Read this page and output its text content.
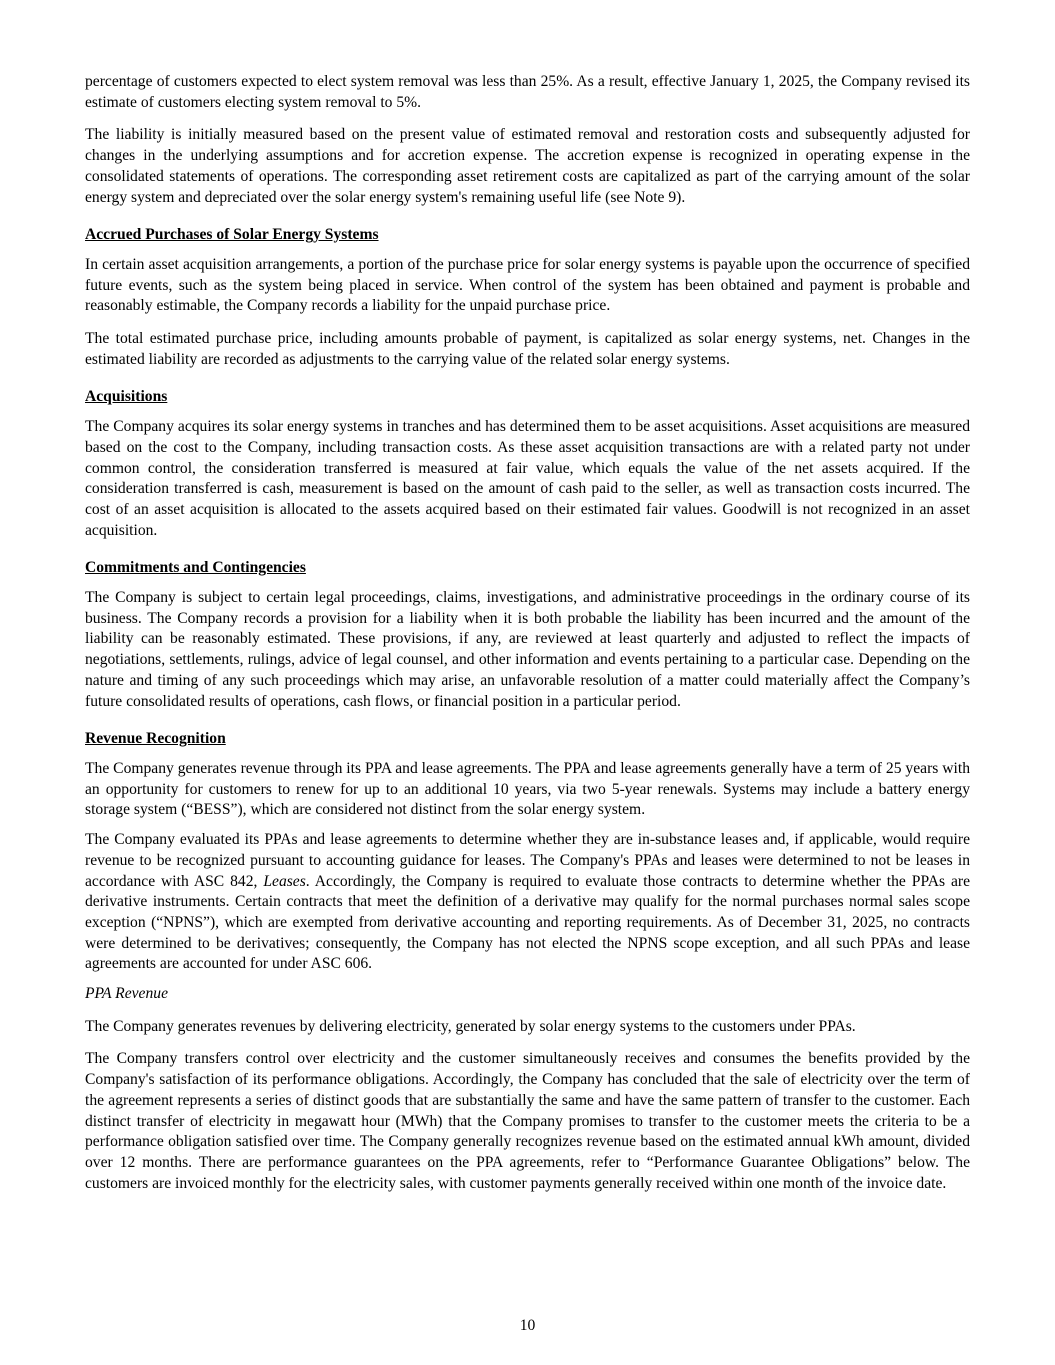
percentage of customers expected to elect system removal was less than 25%. As a result, effective January 1, 2025, the Company revised its estimate of customers electing system removal to 5%.

The liability is initially measured based on the present value of estimated removal and restoration costs and subsequently adjusted for changes in the underlying assumptions and for accretion expense. The accretion expense is recognized in operating expense in the consolidated statements of operations. The corresponding asset retirement costs are capitalized as part of the carrying amount of the solar energy system and depreciated over the solar energy system's remaining useful life (see Note 9).

Accrued Purchases of Solar Energy Systems

In certain asset acquisition arrangements, a portion of the purchase price for solar energy systems is payable upon the occurrence of specified future events, such as the system being placed in service. When control of the system has been obtained and payment is probable and reasonably estimable, the Company records a liability for the unpaid purchase price.

The total estimated purchase price, including amounts probable of payment, is capitalized as solar energy systems, net. Changes in the estimated liability are recorded as adjustments to the carrying value of the related solar energy systems.

Acquisitions

The Company acquires its solar energy systems in tranches and has determined them to be asset acquisitions. Asset acquisitions are measured based on the cost to the Company, including transaction costs. As these asset acquisition transactions are with a related party not under common control, the consideration transferred is measured at fair value, which equals the value of the net assets acquired. If the consideration transferred is cash, measurement is based on the amount of cash paid to the seller, as well as transaction costs incurred. The cost of an asset acquisition is allocated to the assets acquired based on their estimated fair values. Goodwill is not recognized in an asset acquisition.

Commitments and Contingencies

The Company is subject to certain legal proceedings, claims, investigations, and administrative proceedings in the ordinary course of its business. The Company records a provision for a liability when it is both probable the liability has been incurred and the amount of the liability can be reasonably estimated. These provisions, if any, are reviewed at least quarterly and adjusted to reflect the impacts of negotiations, settlements, rulings, advice of legal counsel, and other information and events pertaining to a particular case. Depending on the nature and timing of any such proceedings which may arise, an unfavorable resolution of a matter could materially affect the Company’s future consolidated results of operations, cash flows, or financial position in a particular period.

Revenue Recognition

The Company generates revenue through its PPA and lease agreements. The PPA and lease agreements generally have a term of 25 years with an opportunity for customers to renew for up to an additional 10 years, via two 5-year renewals. Systems may include a battery energy storage system (“BESS”), which are considered not distinct from the solar energy system.

The Company evaluated its PPAs and lease agreements to determine whether they are in-substance leases and, if applicable, would require revenue to be recognized pursuant to accounting guidance for leases. The Company's PPAs and leases were determined to not be leases in accordance with ASC 842, Leases. Accordingly, the Company is required to evaluate those contracts to determine whether the PPAs are derivative instruments. Certain contracts that meet the definition of a derivative may qualify for the normal purchases normal sales scope exception (“NPNS”), which are exempted from derivative accounting and reporting requirements. As of December 31, 2025, no contracts were determined to be derivatives; consequently, the Company has not elected the NPNS scope exception, and all such PPAs and lease agreements are accounted for under ASC 606.

PPA Revenue

The Company generates revenues by delivering electricity, generated by solar energy systems to the customers under PPAs.

The Company transfers control over electricity and the customer simultaneously receives and consumes the benefits provided by the Company's satisfaction of its performance obligations. Accordingly, the Company has concluded that the sale of electricity over the term of the agreement represents a series of distinct goods that are substantially the same and have the same pattern of transfer to the customer. Each distinct transfer of electricity in megawatt hour (MWh) that the Company promises to transfer to the customer meets the criteria to be a performance obligation satisfied over time. The Company generally recognizes revenue based on the estimated annual kWh amount, divided over 12 months. There are performance guarantees on the PPA agreements, refer to “Performance Guarantee Obligations” below. The customers are invoiced monthly for the electricity sales, with customer payments generally received within one month of the invoice date.

10
